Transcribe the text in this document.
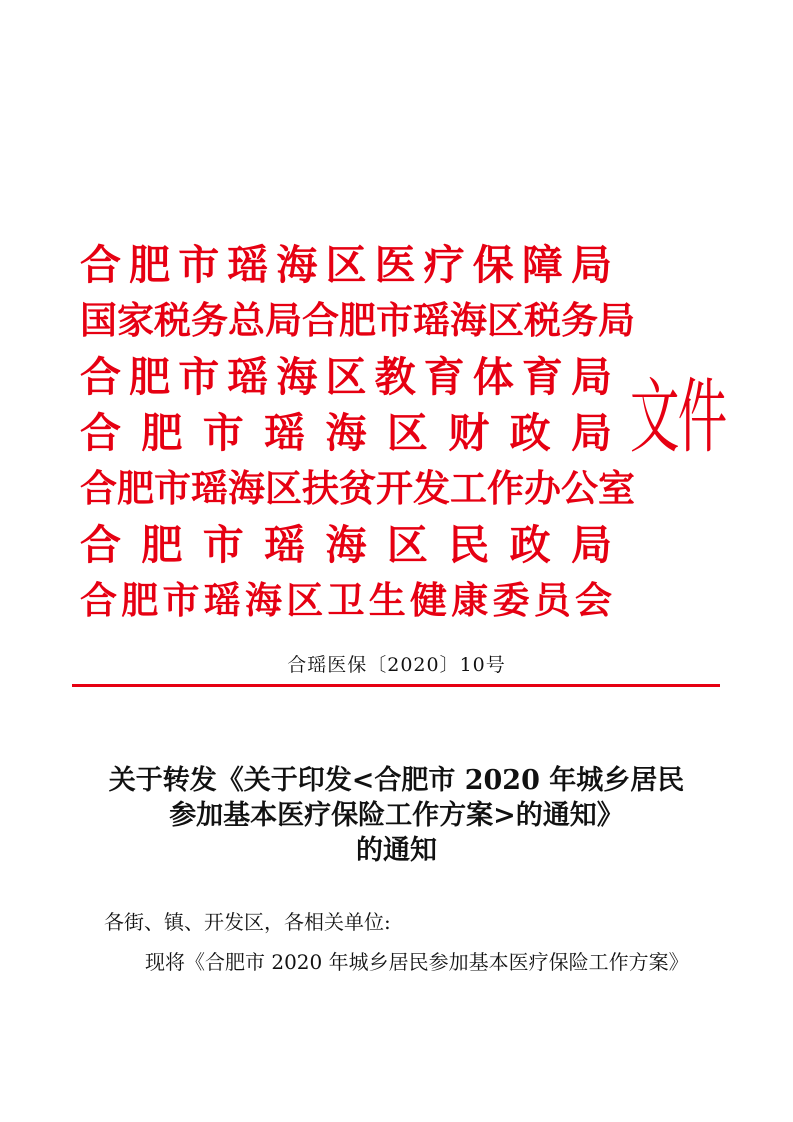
合 肥 市 瑶 海 区 医 疗 保 障 局
国 家 税 务 总 局 合 肥 市 瑶 海 区 税 务 局
合 肥 市 瑶 海 区 教 育 体 育 局
合 肥 市 瑶 海 区 财 政 局
合 肥 市 瑶 海 区 扶 贫 开 发 工 作 办 公 室
合 肥 市 瑶 海 区 民 政 局
合 肥 市 瑶 海 区 卫 生 健 康 委 员 会
文件
合瑶医保〔2020〕10号
关于转发《关于印发<合肥市 2020 年城乡居民
参加基本医疗保险工作方案>的通知》
的通知
各街、镇、开发区，各相关单位:
现将《合肥市 2020 年城乡居民参加基本医疗保险工作方案》
